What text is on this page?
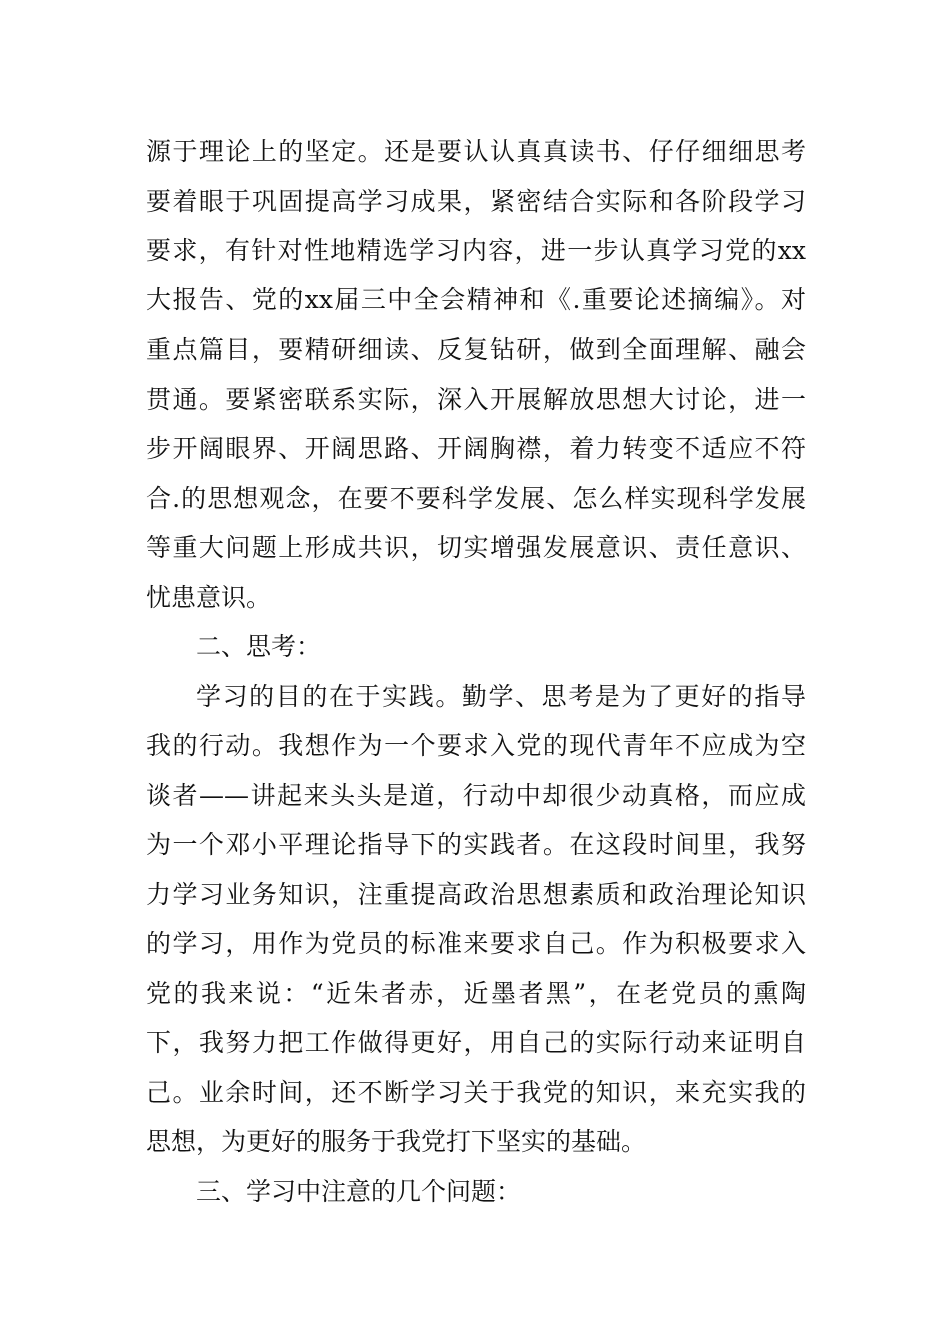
源于理论上的坚定。还是要认认真真读书、仔仔细细思考
要着眼于巩固提高学习成果，紧密结合实际和各阶段学习
要求，有针对性地精选学习内容，进一步认真学习党的xx
大报告、党的xx届三中全会精神和《.重要论述摘编》。对
重点篇目，要精研细读、反复钻研，做到全面理解、融会
贯通。要紧密联系实际，深入开展解放思想大讨论，进一
步开阔眼界、开阔思路、开阔胸襟，着力转变不适应不符
合.的思想观念，在要不要科学发展、怎么样实现科学发展
等重大问题上形成共识，切实增强发展意识、责任意识、
忧患意识。
二、思考：
学习的目的在于实践。勤学、思考是为了更好的指导
我的行动。我想作为一个要求入党的现代青年不应成为空
谈者——讲起来头头是道，行动中却很少动真格，而应成
为一个邓小平理论指导下的实践者。在这段时间里，我努
力学习业务知识，注重提高政治思想素质和政治理论知识
的学习，用作为党员的标准来要求自己。作为积极要求入
党的我来说：“近朱者赤，近墨者黑”，在老党员的熏陶
下，我努力把工作做得更好，用自己的实际行动来证明自
己。业余时间，还不断学习关于我党的知识，来充实我的
思想，为更好的服务于我党打下坚实的基础。
三、学习中注意的几个问题：
